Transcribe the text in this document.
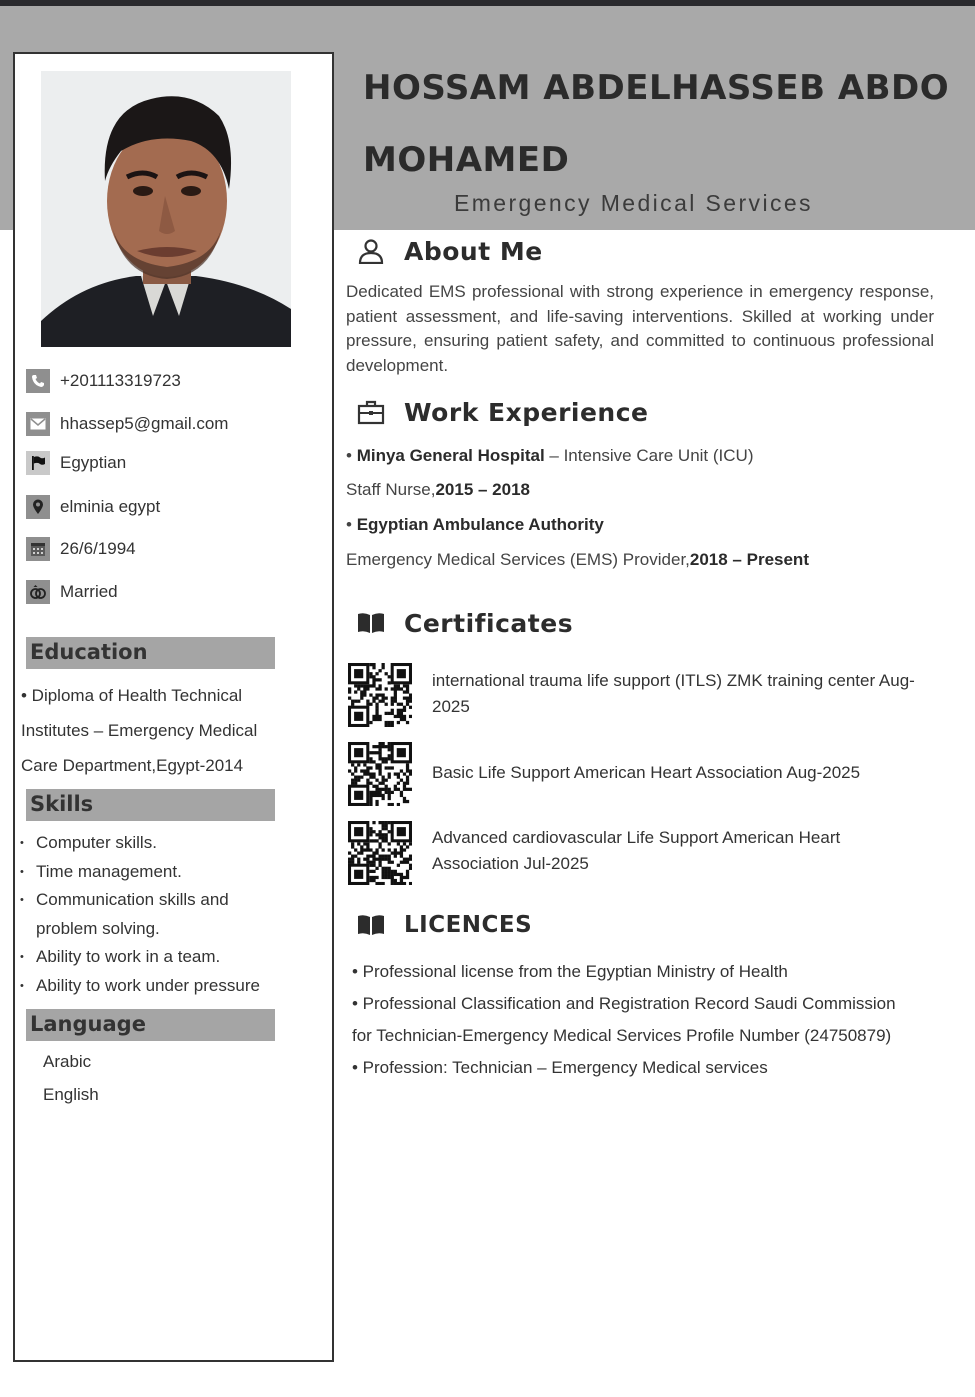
HOSSAM ABDELHASSEB ABDO
MOHAMED
Emergency Medical Services
+201113319723
hhassep5@gmail.com
Egyptian
elminia egypt
26/6/1994
Married
Education

• Diploma of Health Technical
Institutes – Emergency Medical
Care Department,Egypt-2014

Skills
• Computer skills.
• Time management.
• Communication skills and problem solving.
• Ability to work in a team.
• Ability to work under pressure
Language
Arabic
English
About Me

Dedicated EMS professional with strong experience in emergency response, patient assessment, and life-saving interventions. Skilled at working under pressure, ensuring patient safety, and committed to continuous professional development.

Work Experience
• Minya General Hospital – Intensive Care Unit (ICU)
Staff Nurse,2015 – 2018
• Egyptian Ambulance Authority
Emergency Medical Services (EMS) Provider,2018 – Present
Certificates

international trauma life support (ITLS) ZMK training center Aug-2025

Basic Life Support American Heart Association Aug-2025

Advanced cardiovascular Life Support American Heart Association Jul-2025

LICENCES

• Professional license from the Egyptian Ministry of Health
• Professional Classification and Registration Record Saudi Commission
for Technician-Emergency Medical Services Profile Number (24750879)
• Profession: Technician – Emergency Medical services
